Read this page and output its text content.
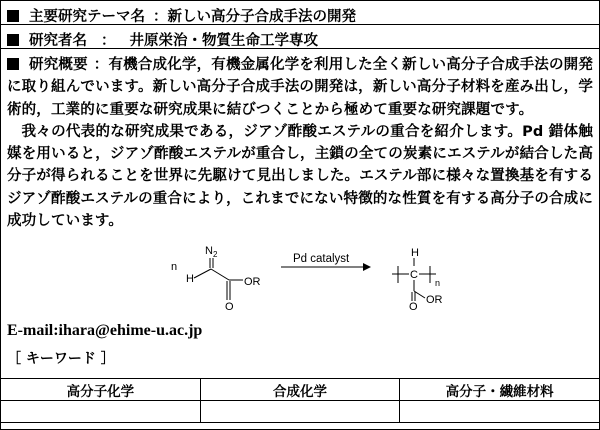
主要研究テーマ名 ：新しい高分子合成手法の開発
研究者名 ： 井原栄治・物質生命工学専攻

研究概要 ：有機合成化学，有機金属化学を利用した全く新しい高分子合成手法の開発に取り組んでいます。新しい高分子合成手法の開発は，新しい高分子材料を産み出し，学術的，工業的に重要な研究成果に結びつくことから極めて重要な研究課題です。

我々の代表的な研究成果である，ジアゾ酢酸エステルの重合を紹介します。Pd 錯体触媒を用いると，ジアゾ酢酸エステルが重合し，主鎖の全ての炭素にエステルが結合した高分子が得られることを世界に先駆けて見出しました。エステル部に様々な置換基を有するジアゾ酢酸エステルの重合により，これまでにない特徴的な性質を有する高分子の合成に成功しています。

n
$N_2$
H
O
OR
Pd catalyst	H
C
n
O
OR
E-mail:ihara@ehime-u.ac.jp
［ キーワード ］
高分子化学	合成化学	高分子・繊維材料
